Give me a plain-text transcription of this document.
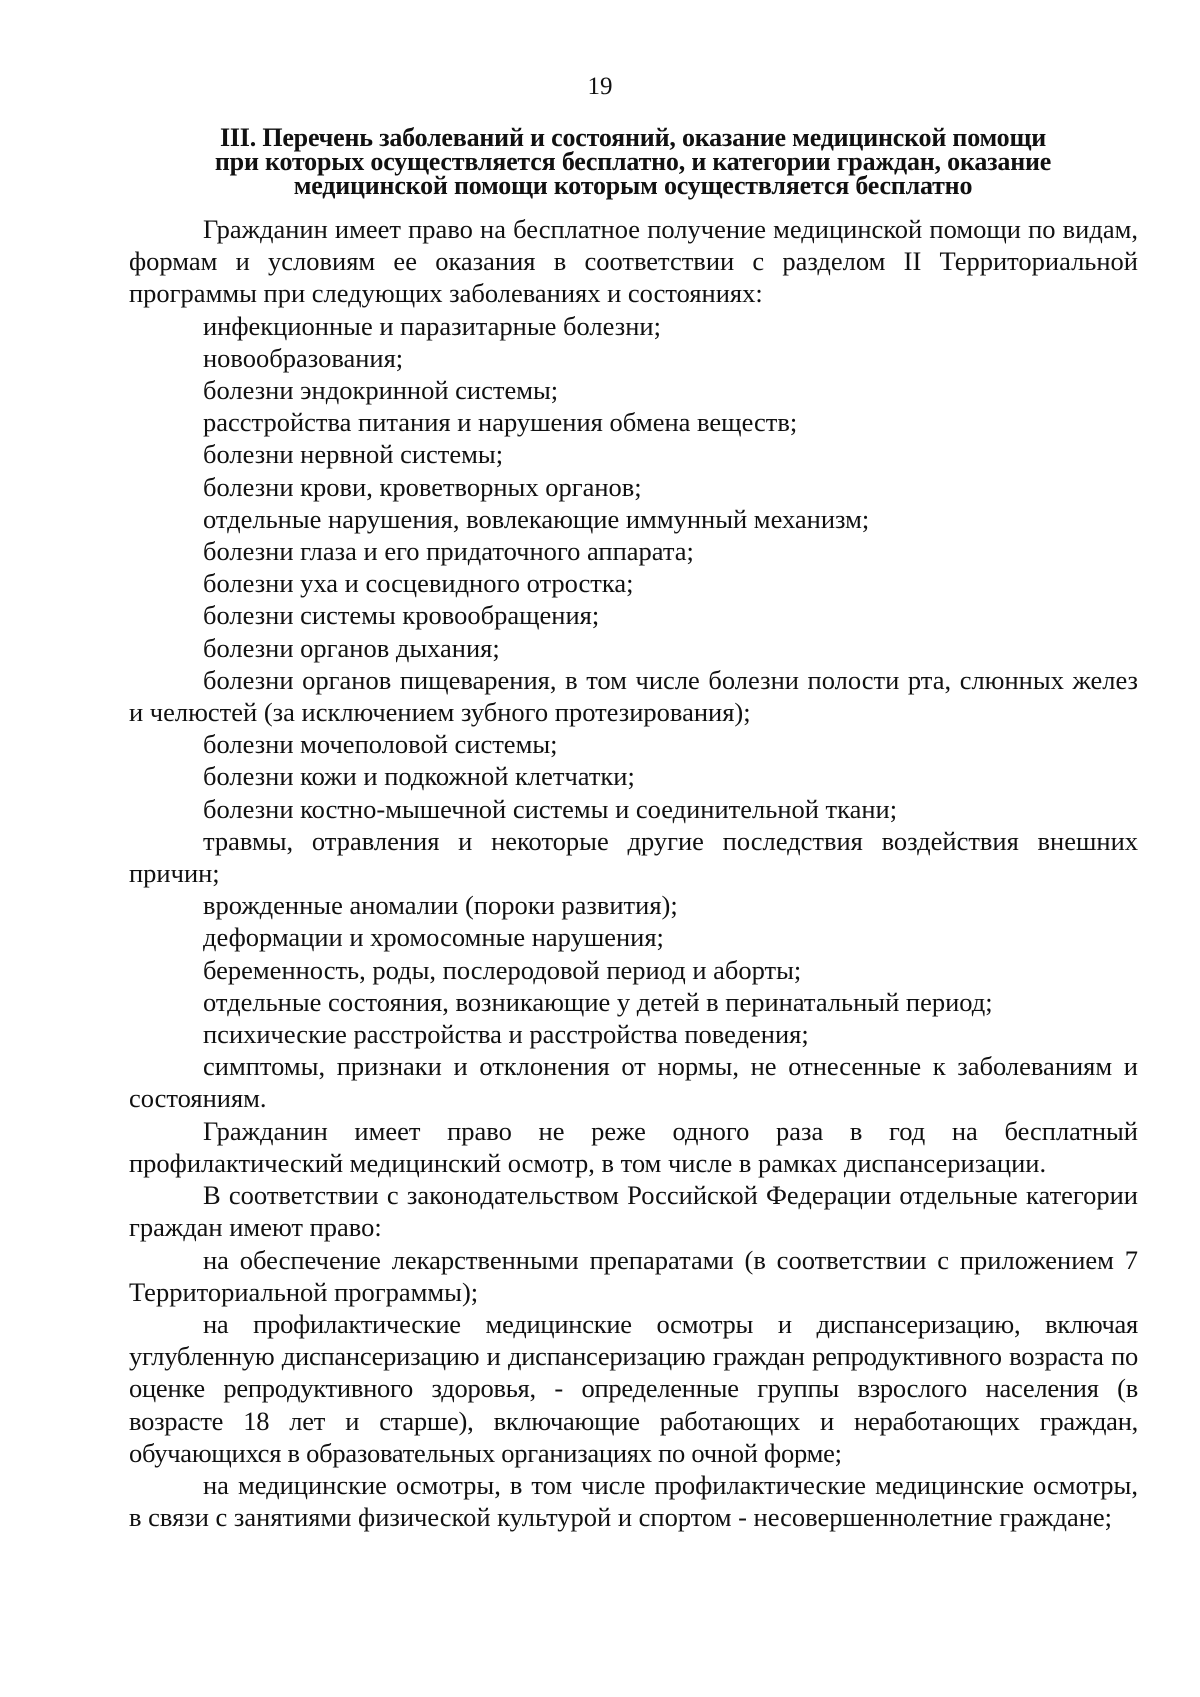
19
III. Перечень заболеваний и состояний, оказание медицинской помощи
при которых осуществляется бесплатно, и категории граждан, оказание
медицинской помощи которым осуществляется бесплатно

Гражданин имеет право на бесплатное получение медицинской помощи по видам, формам и условиям ее оказания в соответствии с разделом II Территориальной программы при следующих заболеваниях и состояниях:

инфекционные и паразитарные болезни;

новообразования;

болезни эндокринной системы;

расстройства питания и нарушения обмена веществ;

болезни нервной системы;

болезни крови, кроветворных органов;

отдельные нарушения, вовлекающие иммунный механизм;

болезни глаза и его придаточного аппарата;

болезни уха и сосцевидного отростка;

болезни системы кровообращения;

болезни органов дыхания;

болезни органов пищеварения, в том числе болезни полости рта, слюнных желез и челюстей (за исключением зубного протезирования);

болезни мочеполовой системы;

болезни кожи и подкожной клетчатки;

болезни костно-мышечной системы и соединительной ткани;

травмы, отравления и некоторые другие последствия воздействия внешних причин;

врожденные аномалии (пороки развития);

деформации и хромосомные нарушения;

беременность, роды, послеродовой период и аборты;

отдельные состояния, возникающие у детей в перинатальный период;

психические расстройства и расстройства поведения;

симптомы, признаки и отклонения от нормы, не отнесенные к заболеваниям и состояниям.

Гражданин имеет право не реже одного раза в год на бесплатный профилактический медицинский осмотр, в том числе в рамках диспансеризации.

В соответствии с законодательством Российской Федерации отдельные категории граждан имеют право:

на обеспечение лекарственными препаратами (в соответствии с приложением 7 Территориальной программы);

на профилактические медицинские осмотры и диспансеризацию, включая углубленную диспансеризацию и диспансеризацию граждан репродуктивного возраста по оценке репродуктивного здоровья, - определенные группы взрослого населения (в возрасте 18 лет и старше), включающие работающих и неработающих граждан, обучающихся в образовательных организациях по очной форме;

на медицинские осмотры, в том числе профилактические медицинские осмотры, в связи с занятиями физической культурой и спортом - несовершеннолетние граждане;
